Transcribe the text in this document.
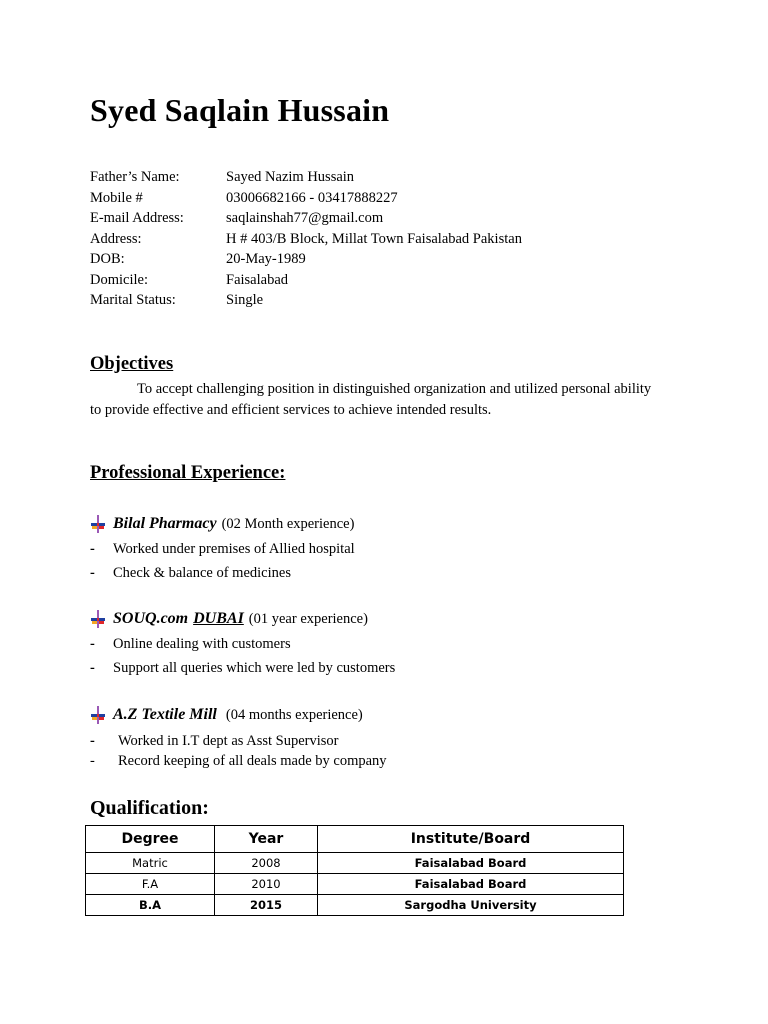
Syed Saqlain Hussain
Father’s Name:	Sayed Nazim Hussain
Mobile #	03006682166 - 03417888227
E-mail Address:	saqlainshah77@gmail.com
Address:	H # 403/B Block, Millat Town Faisalabad Pakistan
DOB:	20-May-1989
Domicile:	Faisalabad
Marital Status:	Single
Objectives
To accept challenging position in distinguished organization and utilized personal ability
to provide effective and efficient services to achieve intended results.
Professional Experience:
Bilal Pharmacy (02 Month experience)
-	Worked under premises of Allied hospital
-	Check & balance of medicines
SOUQ.com DUBAI (01 year experience)
-	Online dealing with customers
-	Support all queries which were led by customers
A.Z Textile Mill (04 months experience)
-	Worked in I.T dept as Asst Supervisor
-	Record keeping of all deals made by company
Qualification:
Degree	Year	Institute/Board
Matric	2008	Faisalabad Board
F.A	2010	Faisalabad Board
B.A	2015	Sargodha University
